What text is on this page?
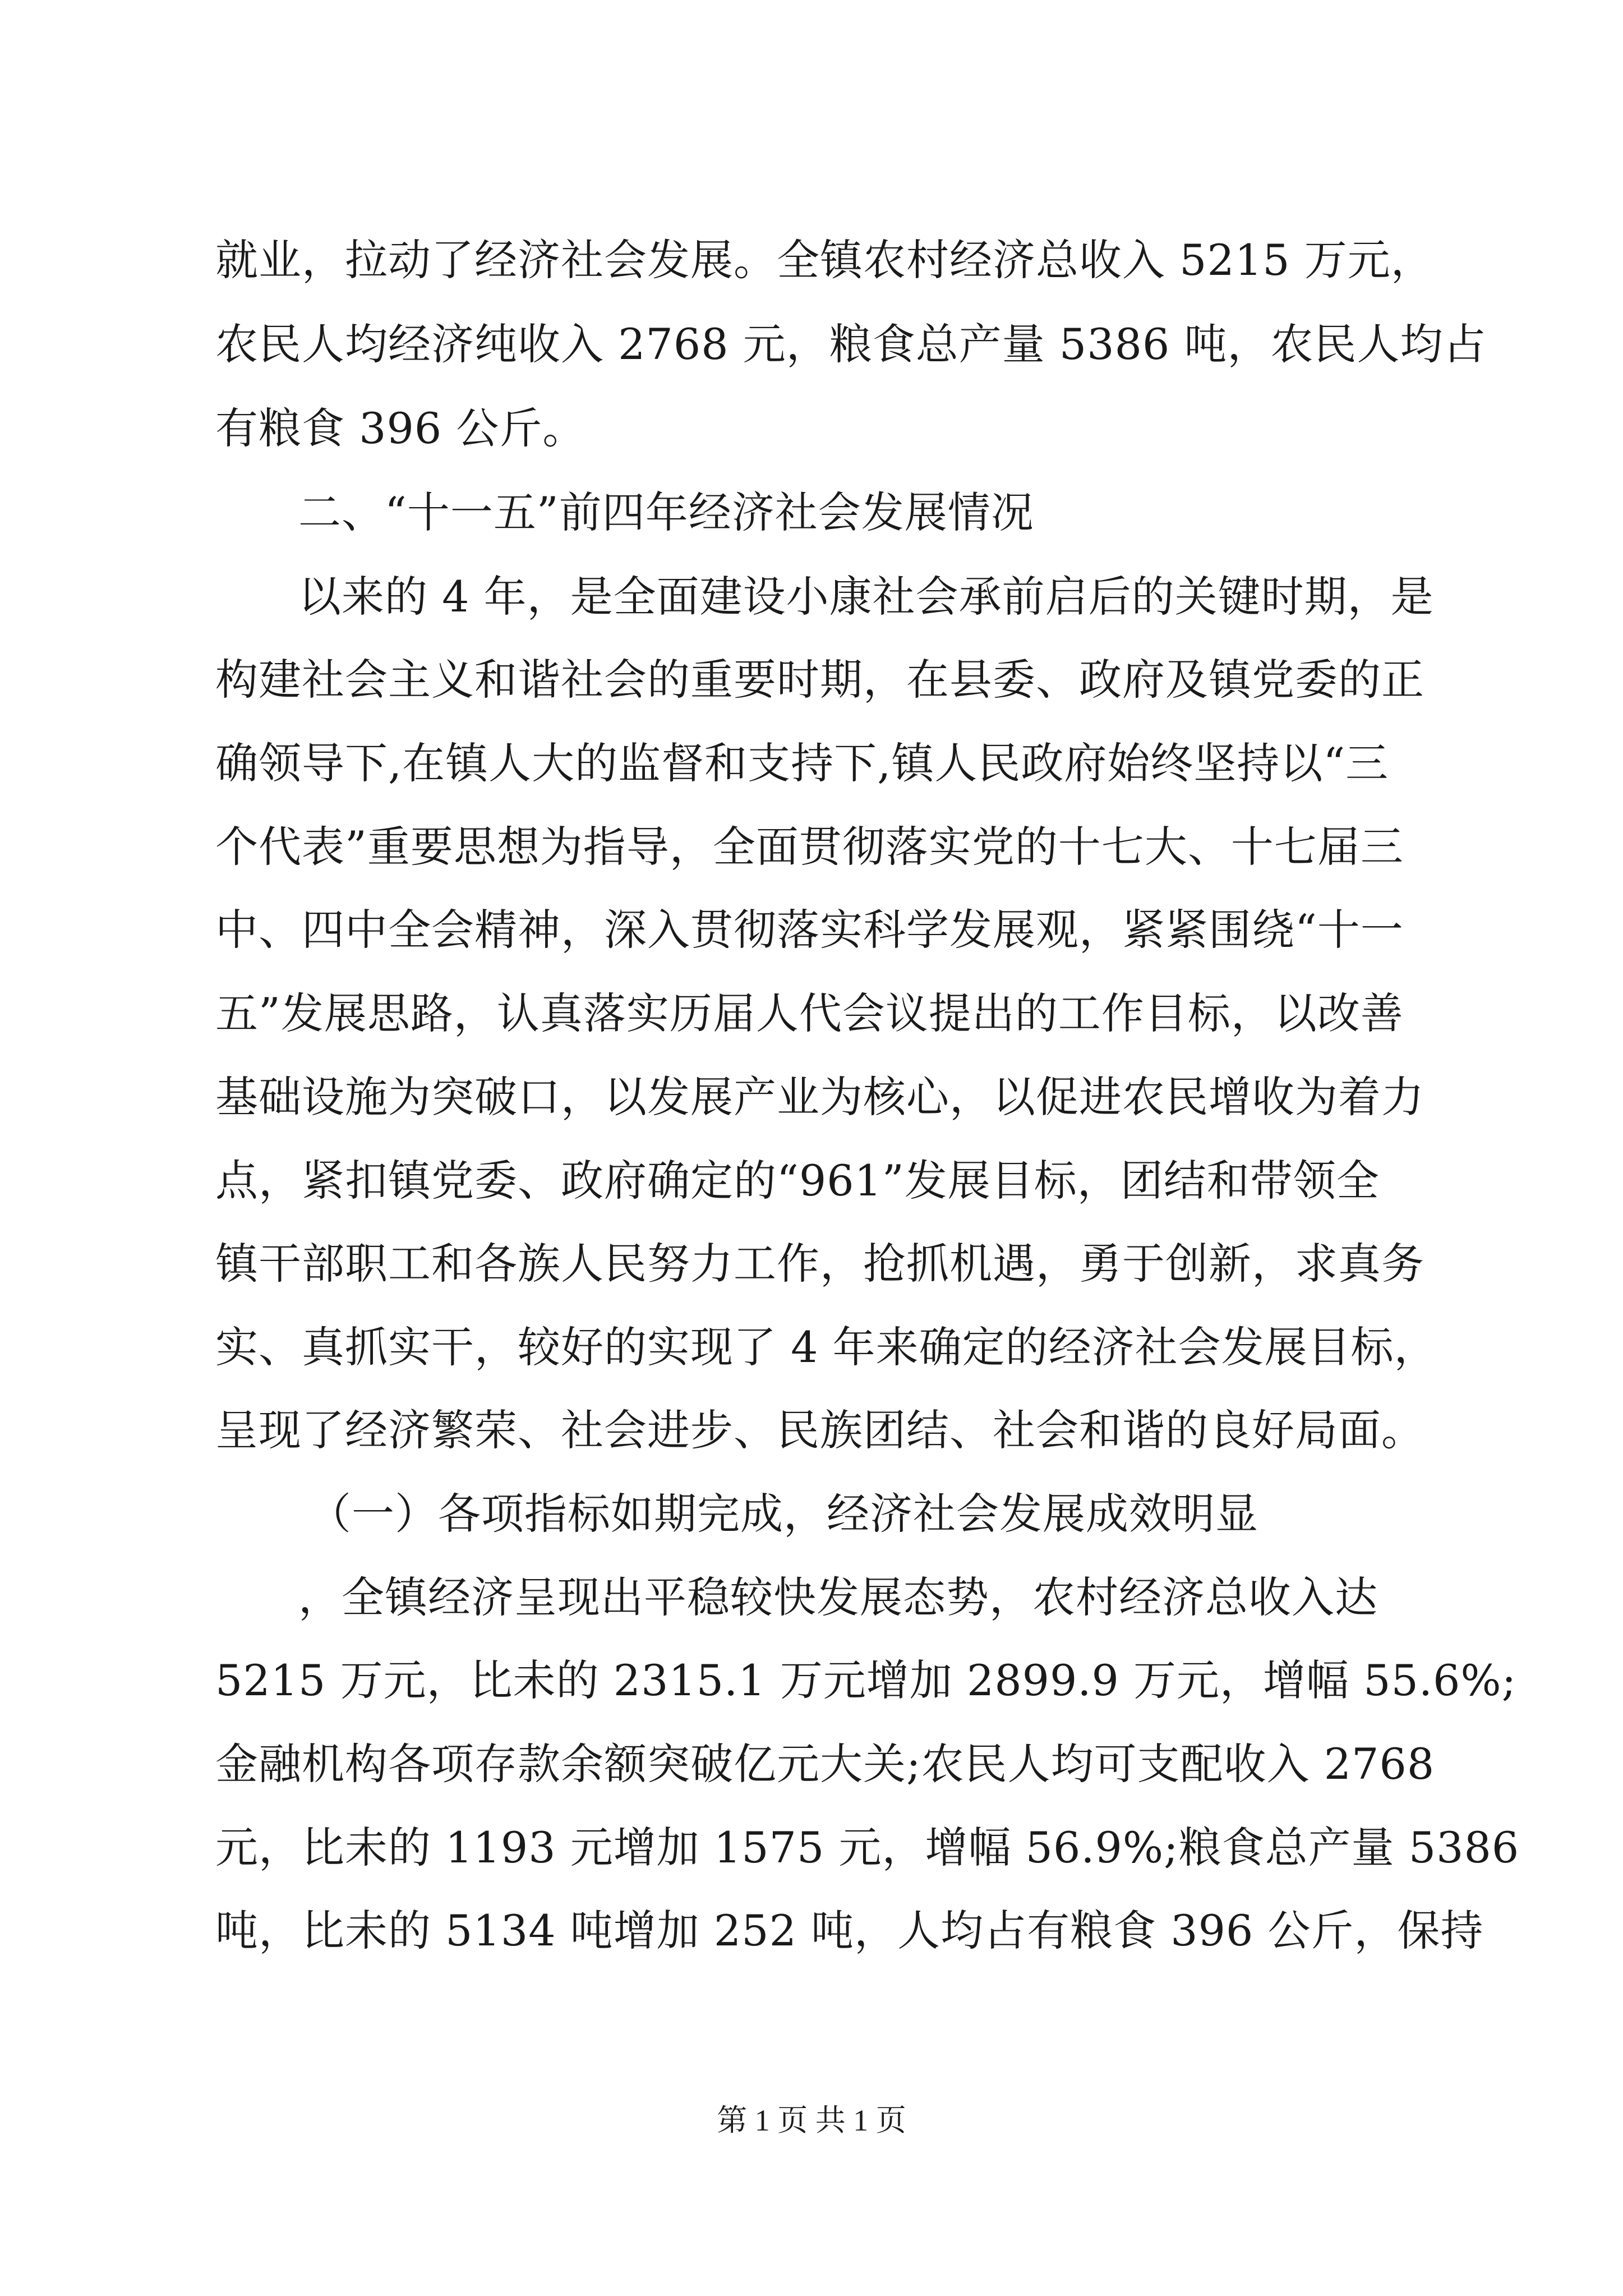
就业，拉动了经济社会发展。全镇农村经济总收入 5215 万元，
农民人均经济纯收入 2768 元，粮食总产量 5386 吨，农民人均占
有粮食 396 公斤。
二、“十一五”前四年经济社会发展情况
以来的 4 年，是全面建设小康社会承前启后的关键时期，是
构建社会主义和谐社会的重要时期，在县委、政府及镇党委的正
确领导下,在镇人大的监督和支持下,镇人民政府始终坚持以“三
个代表”重要思想为指导，全面贯彻落实党的十七大、十七届三
中、四中全会精神，深入贯彻落实科学发展观，紧紧围绕“十一
五”发展思路，认真落实历届人代会议提出的工作目标，以改善
基础设施为突破口，以发展产业为核心，以促进农民增收为着力
点，紧扣镇党委、政府确定的“961”发展目标，团结和带领全
镇干部职工和各族人民努力工作，抢抓机遇，勇于创新，求真务
实、真抓实干，较好的实现了 4 年来确定的经济社会发展目标，
呈现了经济繁荣、社会进步、民族团结、社会和谐的良好局面。
（一）各项指标如期完成，经济社会发展成效明显
，全镇经济呈现出平稳较快发展态势，农村经济总收入达
5215 万元，比未的 2315.1 万元增加 2899.9 万元，增幅 55.6%;
金融机构各项存款余额突破亿元大关;农民人均可支配收入 2768
元，比未的 1193 元增加 1575 元，增幅 56.9%;粮食总产量 5386
吨，比未的 5134 吨增加 252 吨，人均占有粮食 396 公斤，保持
第 1 页 共 1 页
